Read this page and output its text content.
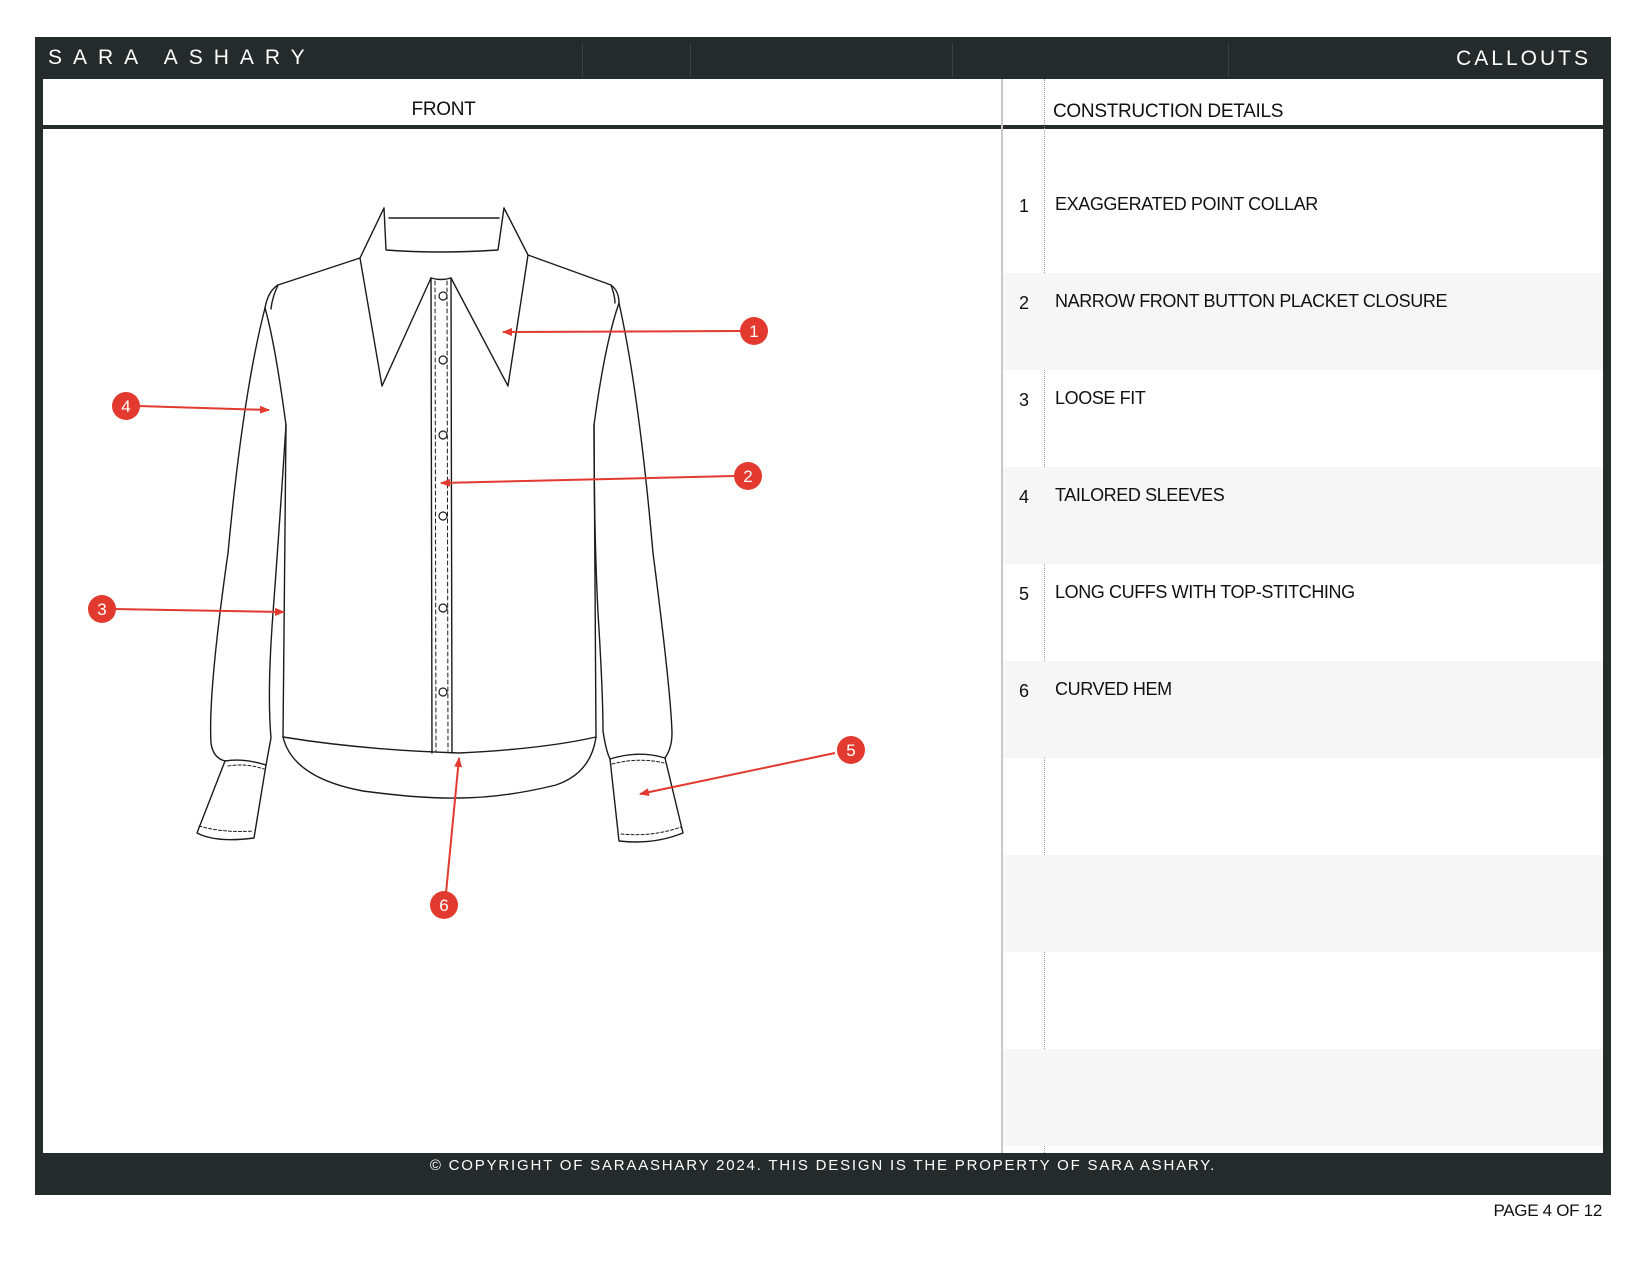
SARA ASHARY	CALLOUTS
FRONT	CONSTRUCTION DETAILS
1
2
3
4
5
6
1 EXAGGERATED POINT COLLAR
2 NARROW FRONT BUTTON PLACKET CLOSURE
3 LOOSE FIT
4 TAILORED SLEEVES
5 LONG CUFFS WITH TOP-STITCHING
6 CURVED HEM
© COPYRIGHT OF SARAASHARY 2024. THIS DESIGN IS THE PROPERTY OF SARA ASHARY.
PAGE 4 OF 12
